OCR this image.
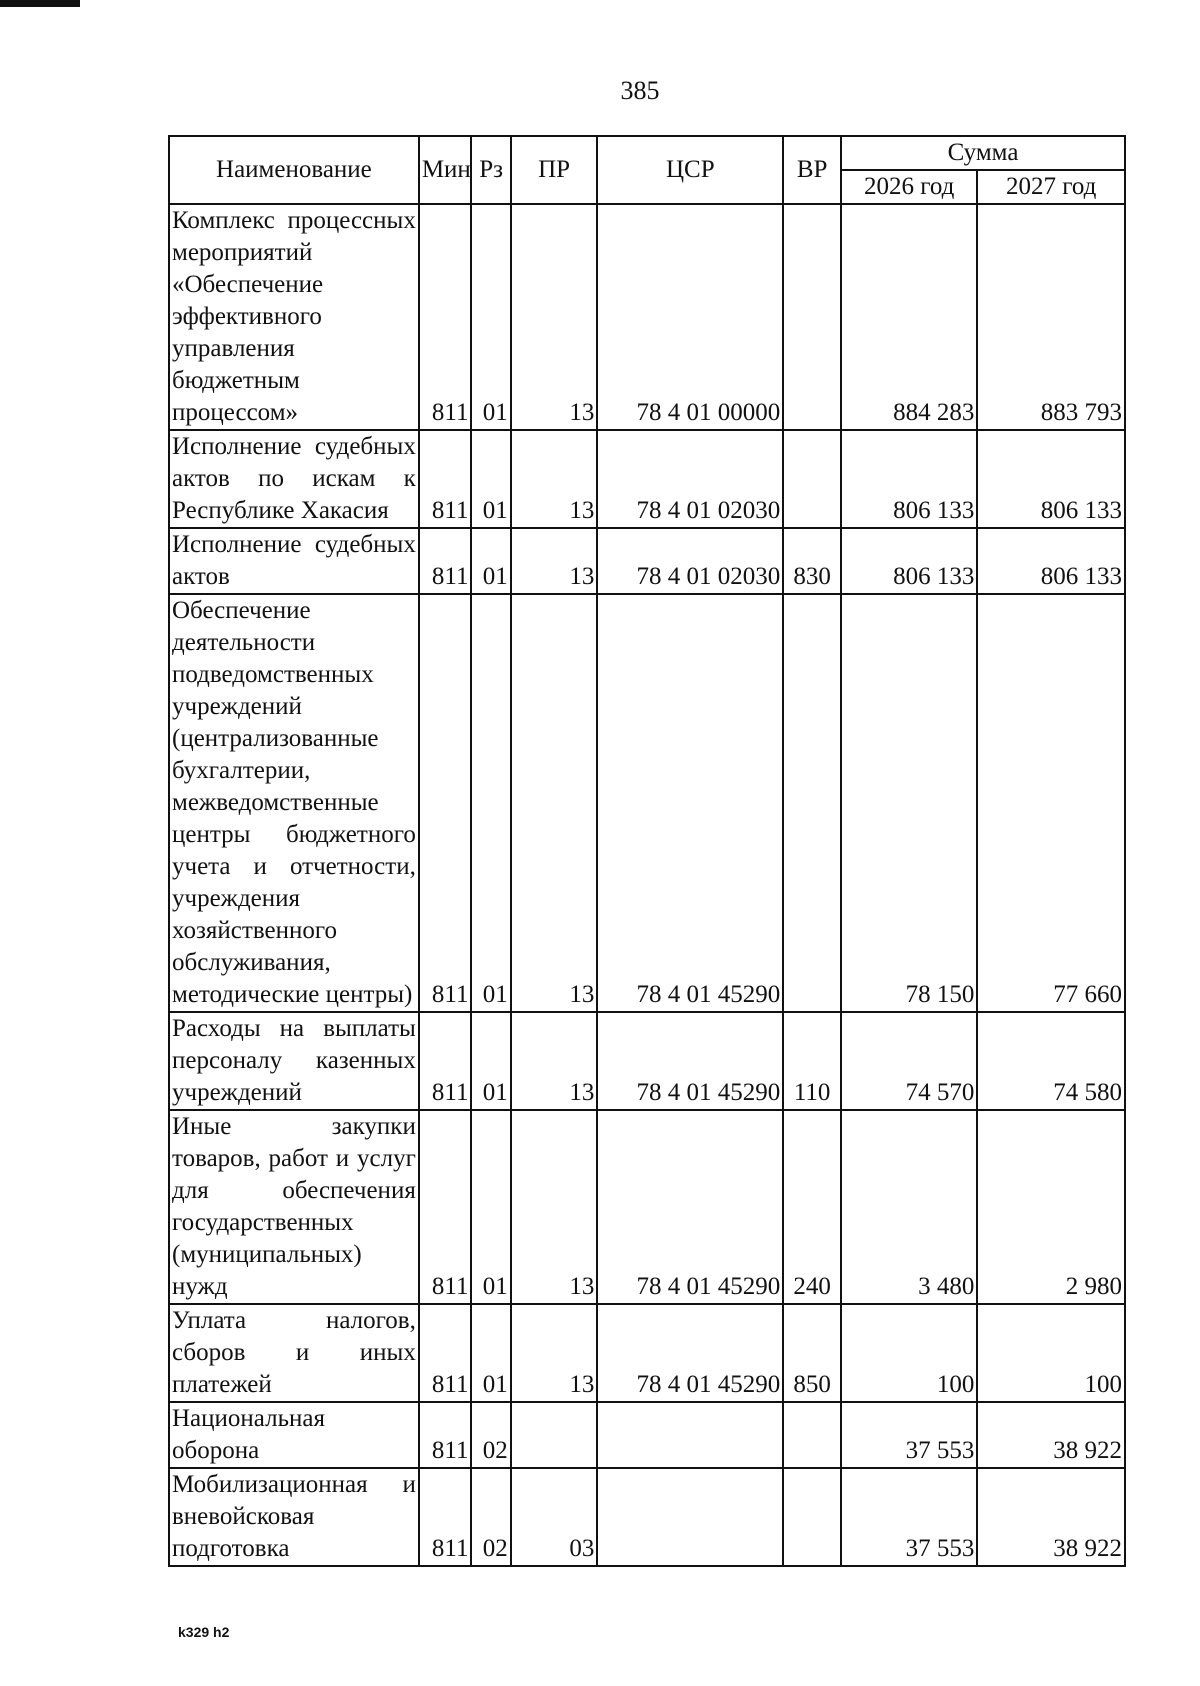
385
Наименование	Мин	Рз	ПР	ЦСР	ВР	Сумма	
						2026 год	2027 год
Комплекс процессных мероприятий «Обеспечение эффективного управления бюджетным процессом»	811	01	13	78 4 01 00000		884 283	883 793
Исполнение судебных актов по искам к Республике Хакасия	811	01	13	78 4 01 02030		806 133	806 133
Исполнение судебных актов	811	01	13	78 4 01 02030	830	806 133	806 133
Обеспечение деятельности подведомственных учреждений (централизованные бухгалтерии, межведомственные центры бюджетного учета и отчетности, учреждения хозяйственного обслуживания, методические центры)	811	01	13	78 4 01 45290		78 150	77 660
Расходы на выплаты персоналу казенных учреждений	811	01	13	78 4 01 45290	110	74 570	74 580
Иные закупки товаров, работ и услуг для обеспечения государственных (муниципальных) нужд	811	01	13	78 4 01 45290	240	3 480	2 980
Уплата налогов, сборов и иных платежей	811	01	13	78 4 01 45290	850	100	100
Национальная оборона	811	02				37 553	38 922
Мобилизационная и вневойсковая подготовка	811	02	03			37 553	38 922
k329 h2
